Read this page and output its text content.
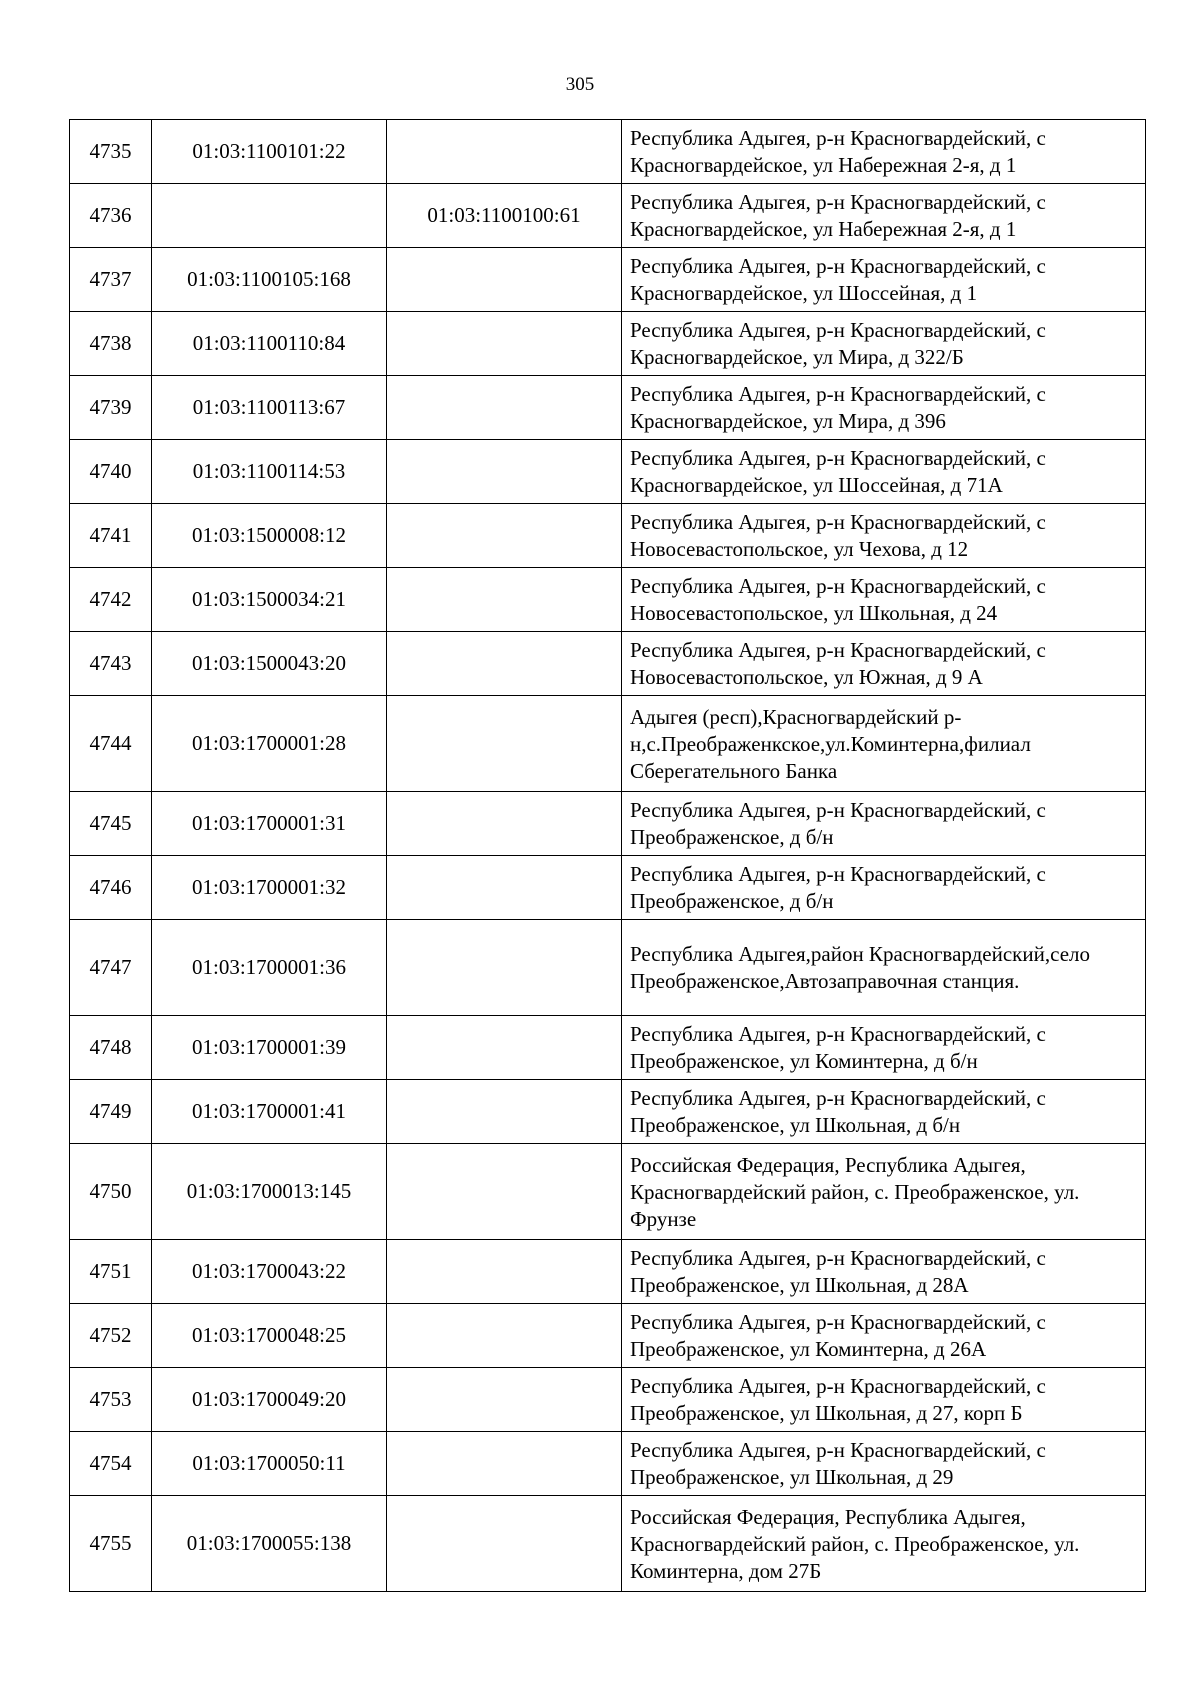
305
4735	01:03:1100101:22		Республика Адыгея, р-н Красногвардейский, с Красногвардейское, ул Набережная 2-я, д 1
4736		01:03:1100100:61	Республика Адыгея, р-н Красногвардейский, с Красногвардейское, ул Набережная 2-я, д 1
4737	01:03:1100105:168		Республика Адыгея, р-н Красногвардейский, с Красногвардейское, ул Шоссейная, д 1
4738	01:03:1100110:84		Республика Адыгея, р-н Красногвардейский, с Красногвардейское, ул Мира, д 322/Б
4739	01:03:1100113:67		Республика Адыгея, р-н Красногвардейский, с Красногвардейское, ул Мира, д 396
4740	01:03:1100114:53		Республика Адыгея, р-н Красногвардейский, с Красногвардейское, ул Шоссейная, д 71А
4741	01:03:1500008:12		Республика Адыгея, р-н Красногвардейский, с Новосевастопольское, ул Чехова, д 12
4742	01:03:1500034:21		Республика Адыгея, р-н Красногвардейский, с Новосевастопольское, ул Школьная, д 24
4743	01:03:1500043:20		Республика Адыгея, р-н Красногвардейский, с Новосевастопольское, ул Южная, д 9 А
4744	01:03:1700001:28		Адыгея (респ),Красногвардейский р-н,с.Преображенкское,ул.Коминтерна,филиал Сберегательного Банка
4745	01:03:1700001:31		Республика Адыгея, р-н Красногвардейский, с Преображенское, д б/н
4746	01:03:1700001:32		Республика Адыгея, р-н Красногвардейский, с Преображенское, д б/н
4747	01:03:1700001:36		Республика Адыгея,район Красногвардейский,село Преображенское,Автозаправочная станция.
4748	01:03:1700001:39		Республика Адыгея, р-н Красногвардейский, с Преображенское, ул Коминтерна, д б/н
4749	01:03:1700001:41		Республика Адыгея, р-н Красногвардейский, с Преображенское, ул Школьная, д б/н
4750	01:03:1700013:145		Российская Федерация, Республика Адыгея, Красногвардейский район, с. Преображенское, ул. Фрунзе
4751	01:03:1700043:22		Республика Адыгея, р-н Красногвардейский, с Преображенское, ул Школьная, д 28А
4752	01:03:1700048:25		Республика Адыгея, р-н Красногвардейский, с Преображенское, ул Коминтерна, д 26А
4753	01:03:1700049:20		Республика Адыгея, р-н Красногвардейский, с Преображенское, ул Школьная, д 27, корп Б
4754	01:03:1700050:11		Республика Адыгея, р-н Красногвардейский, с Преображенское, ул Школьная, д 29
4755	01:03:1700055:138		Российская Федерация, Республика Адыгея, Красногвардейский район, с. Преображенское, ул. Коминтерна, дом 27Б
